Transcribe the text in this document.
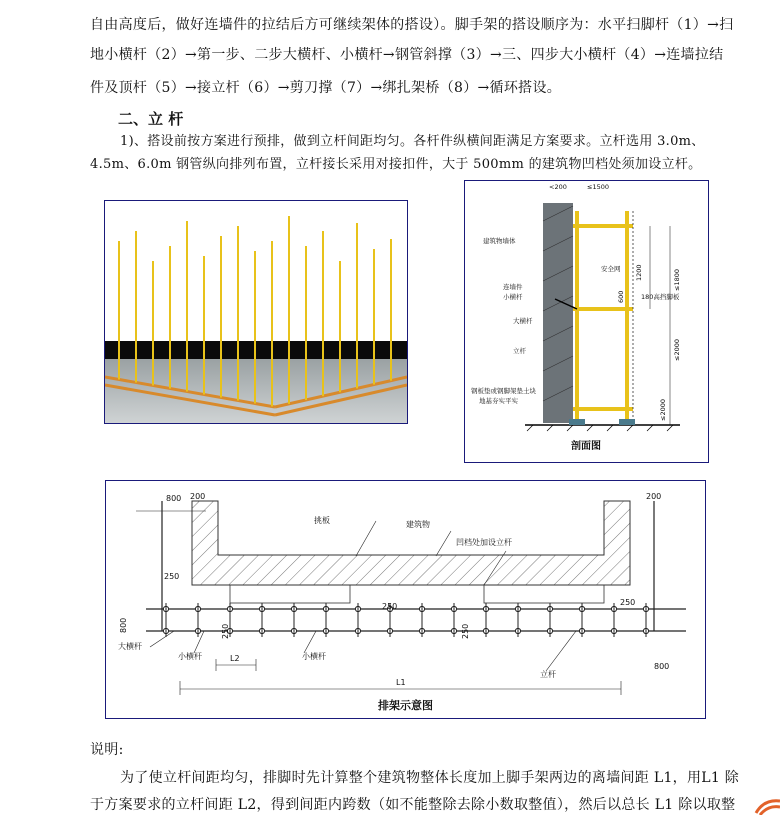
自由高度后，做好连墙件的拉结后方可继续架体的搭设）。脚手架的搭设顺序为：水平扫脚杆（1）→扫
地小横杆（2）→第一步、二步大横杆、小横杆→钢管斜撑（3）→三、四步大小横杆（4）→连墙拉结
件及顶杆（5）→接立杆（6）→剪刀撑（7）→绑扎架桥（8）→循环搭设。
二、立 杆
1)、搭设前按方案进行预排，做到立杆间距均匀。各杆件纵横间距满足方案要求。立杆选用 3.0m、
4.5m、6.0m 钢管纵向排列布置，立杆接长采用对接扣件，大于 500mm 的建筑物凹档处须加设立杆。
<200	≤1500
建筑物墙体
安全网
连墙件
小横杆
大横杆
立杆
钢板垫或钢脚架垫土块
地基夯实平实
180高挡脚板
剖面图
1200
600
≤1800
≤2000
≤2000
800 200	200
挑板	建筑物
凹档处加设立杆
大横杆
小横杆	小横杆
立杆
250
250	250
250	250
800
800
L2
L1
排架示意图
说明:
为了使立杆间距均匀，排脚时先计算整个建筑物整体长度加上脚手架两边的离墙间距 L1，用L1 除
于方案要求的立杆间距 L2，得到间距内跨数（如不能整除去除小数取整值），然后以总长 L1 除以取整
